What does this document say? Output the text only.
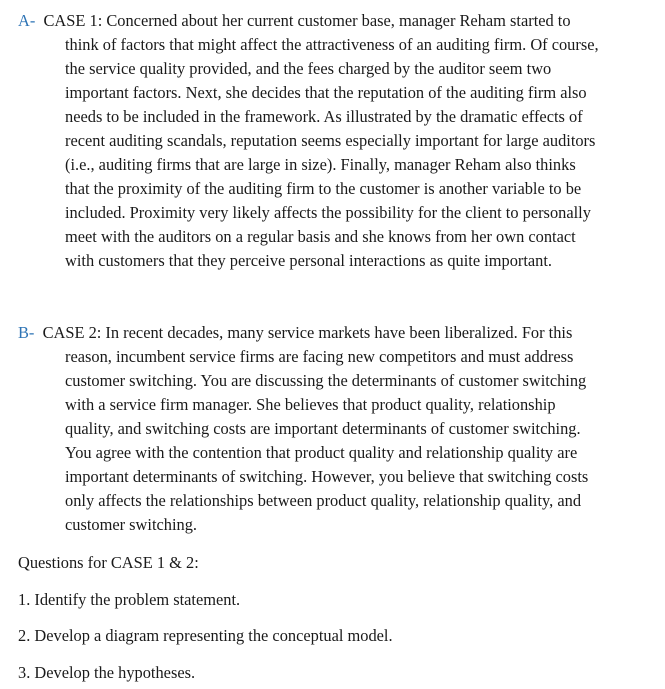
A- CASE 1: Concerned about her current customer base, manager Reham started to
think of factors that might affect the attractiveness of an auditing firm. Of course,
the service quality provided, and the fees charged by the auditor seem two
important factors. Next, she decides that the reputation of the auditing firm also
needs to be included in the framework. As illustrated by the dramatic effects of
recent auditing scandals, reputation seems especially important for large auditors
(i.e., auditing firms that are large in size). Finally, manager Reham also thinks
that the proximity of the auditing firm to the customer is another variable to be
included. Proximity very likely affects the possibility for the client to personally
meet with the auditors on a regular basis and she knows from her own contact
with customers that they perceive personal interactions as quite important.
B- CASE 2: In recent decades, many service markets have been liberalized. For this
reason, incumbent service firms are facing new competitors and must address
customer switching. You are discussing the determinants of customer switching
with a service firm manager. She believes that product quality, relationship
quality, and switching costs are important determinants of customer switching.
You agree with the contention that product quality and relationship quality are
important determinants of switching. However, you believe that switching costs
only affects the relationships between product quality, relationship quality, and
customer switching.
Questions for CASE 1 & 2:
1. Identify the problem statement.
2. Develop a diagram representing the conceptual model.
3. Develop the hypotheses.
